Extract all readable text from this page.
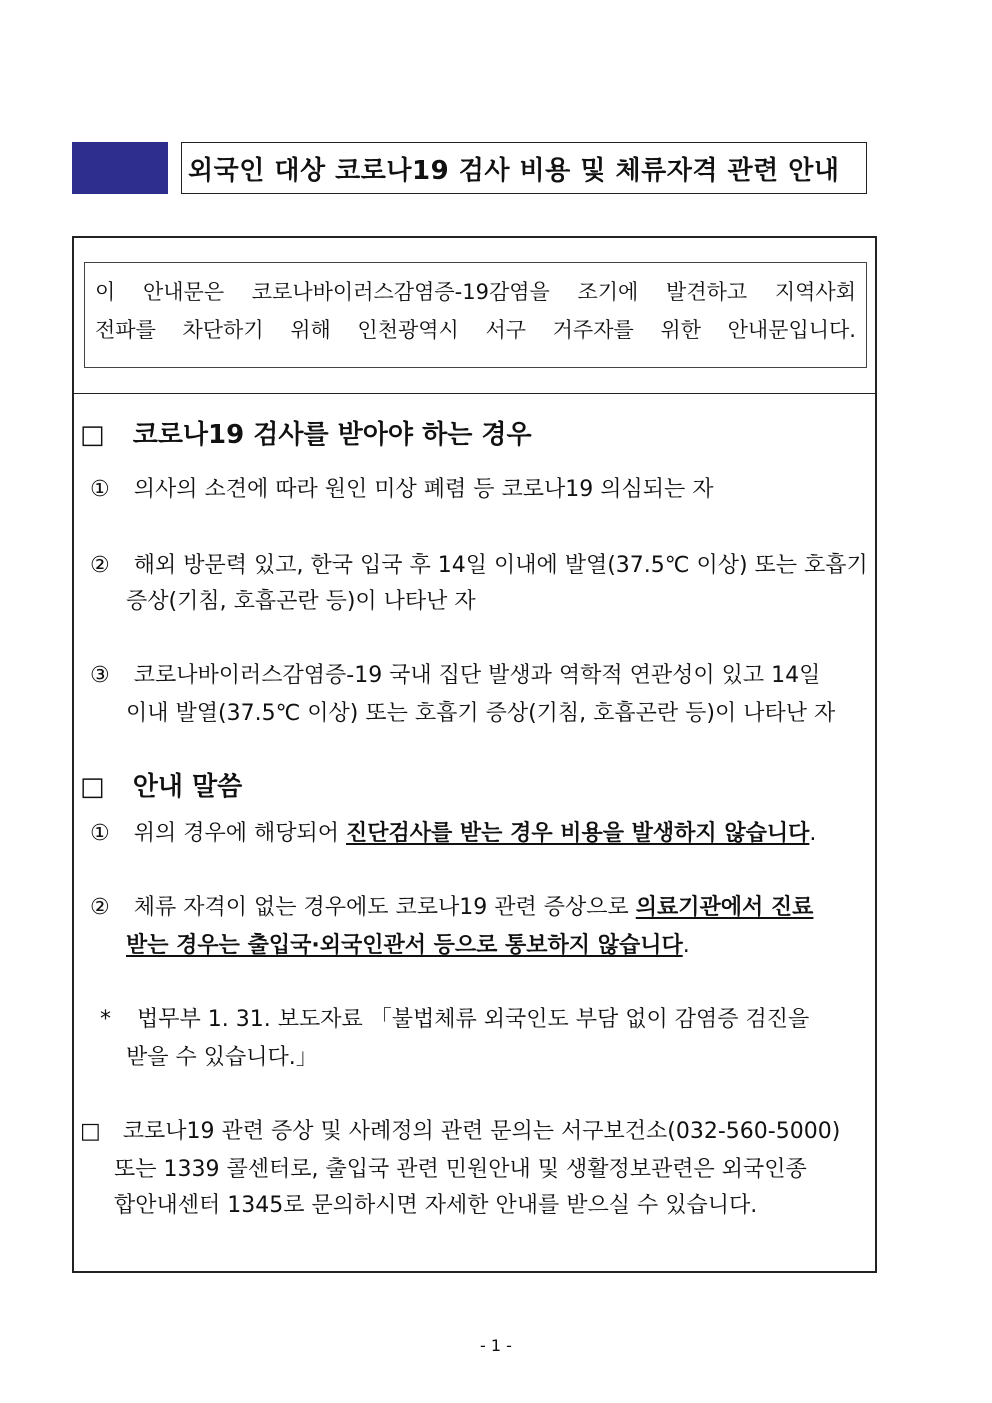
외국인 대상 코로나19 검사 비용 및 체류자격 관련 안내
이 안내문은 코로나바이러스감염증-19감염을 조기에 발견하고 지역사회
전파를 차단하기 위해 인천광역시 서구 거주자를 위한 안내문입니다.
□ 코로나19 검사를 받아야 하는 경우
① 의사의 소견에 따라 원인 미상 폐렴 등 코로나19 의심되는 자
② 해외 방문력 있고, 한국 입국 후 14일 이내에 발열(37.5℃ 이상) 또는 호흡기
증상(기침, 호흡곤란 등)이 나타난 자
③ 코로나바이러스감염증-19 국내 집단 발생과 역학적 연관성이 있고 14일
이내 발열(37.5℃ 이상) 또는 호흡기 증상(기침, 호흡곤란 등)이 나타난 자
□ 안내 말씀
① 위의 경우에 해당되어 진단검사를 받는 경우 비용을 발생하지 않습니다.
② 체류 자격이 없는 경우에도 코로나19 관련 증상으로 의료기관에서 진료
받는 경우는 출입국·외국인관서 등으로 통보하지 않습니다.
* 법무부 1. 31. 보도자료 「불법체류 외국인도 부담 없이 감염증 검진을
받을 수 있습니다.」
□ 코로나19 관련 증상 및 사례정의 관련 문의는 서구보건소(032-560-5000)
또는 1339 콜센터로, 출입국 관련 민원안내 및 생활정보관련은 외국인종
합안내센터 1345로 문의하시면 자세한 안내를 받으실 수 있습니다.
- 1 -
